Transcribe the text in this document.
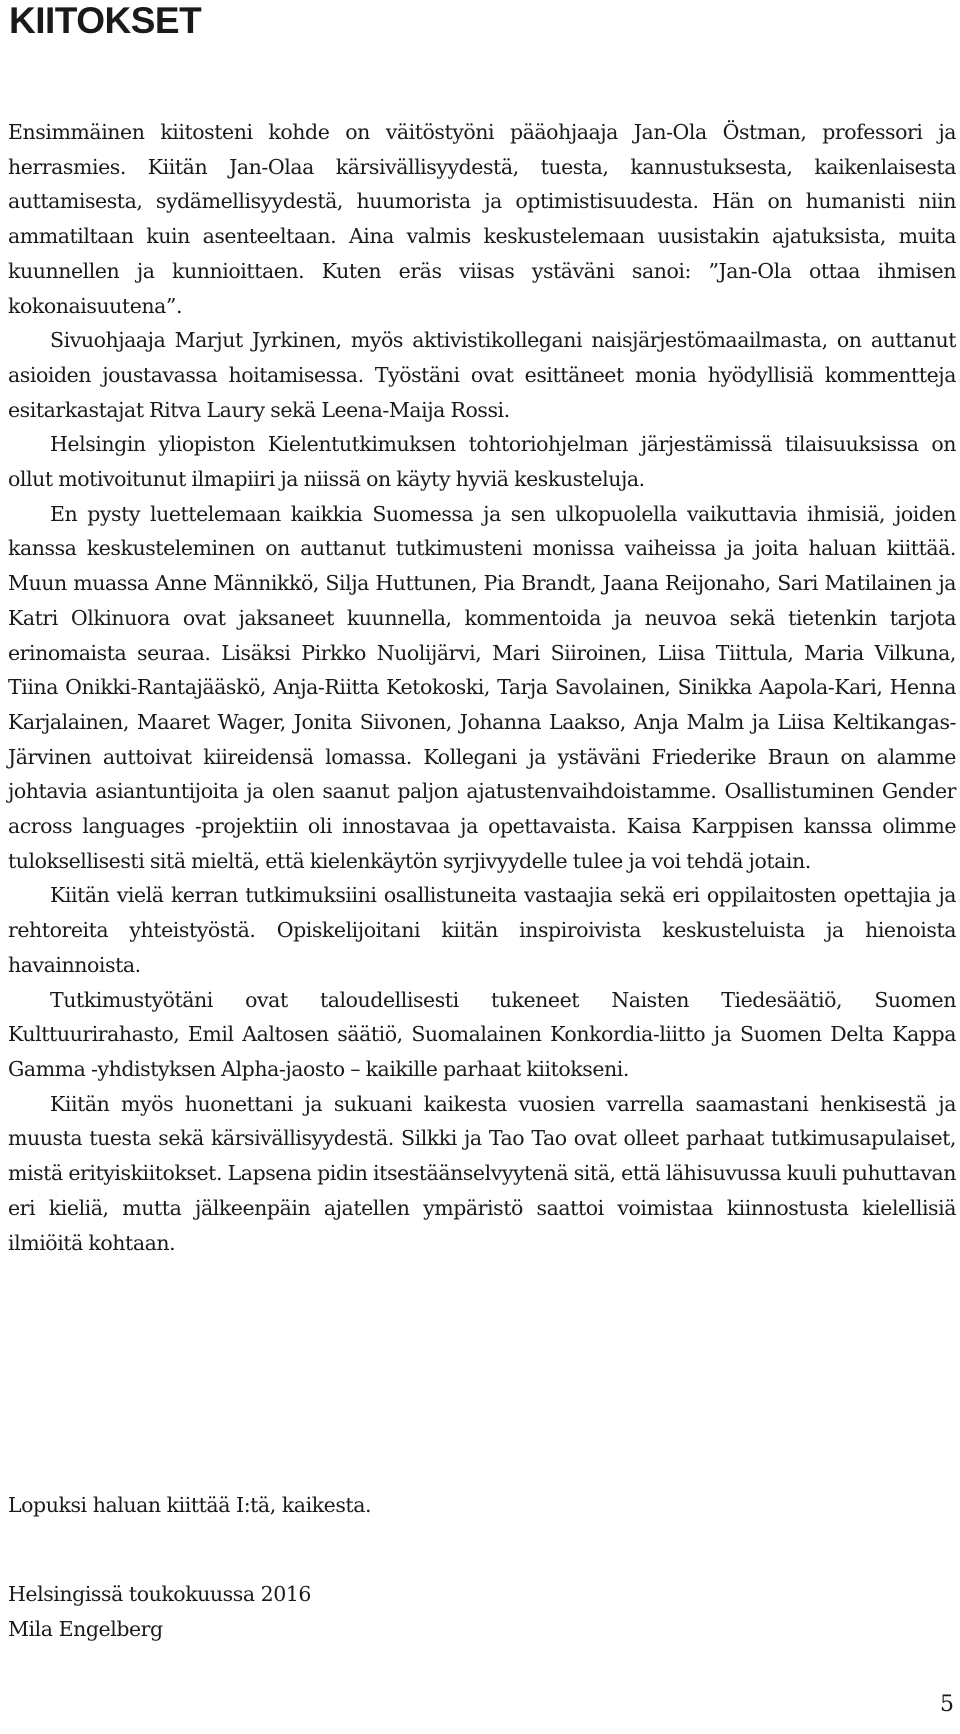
KIITOKSET

Ensimmäinen kiitosteni kohde on väitöstyöni pääohjaaja Jan-Ola Östman, professori ja herrasmies. Kiitän Jan-Olaa kärsivällisyydestä, tuesta, kannustuksesta, kaikenlaisesta auttamisesta, sydämellisyydestä, huumorista ja optimistisuudesta. Hän on humanisti niin ammatiltaan kuin asenteeltaan. Aina valmis keskustelemaan uusistakin ajatuksista, muita kuunnellen ja kunnioittaen. Kuten eräs viisas ystäväni sanoi: ”Jan-Ola ottaa ihmisen kokonaisuutena”.

Sivuohjaaja Marjut Jyrkinen, myös aktivistikollegani naisjärjestömaailmasta, on auttanut asioiden joustavassa hoitamisessa. Työstäni ovat esittäneet monia hyödyllisiä kommentteja esitarkastajat Ritva Laury sekä Leena-Maija Rossi.

Helsingin yliopiston Kielentutkimuksen tohtoriohjelman järjestämissä tilaisuuksissa on ollut motivoitunut ilmapiiri ja niissä on käyty hyviä keskusteluja.

En pysty luettelemaan kaikkia Suomessa ja sen ulkopuolella vaikuttavia ihmisiä, joiden kanssa keskusteleminen on auttanut tutkimusteni monissa vaiheissa ja joita haluan kiittää. Muun muassa Anne Männikkö, Silja Huttunen, Pia Brandt, Jaana Reijonaho, Sari Matilainen ja Katri Olkinuora ovat jaksaneet kuunnella, kommentoida ja neuvoa sekä tietenkin tarjota erinomaista seuraa. Lisäksi Pirkko Nuolijärvi, Mari Siiroinen, Liisa Tiittula, Maria Vilkuna, Tiina Onikki-Rantajääskö, Anja-Riitta Ketokoski, Tarja Savolainen, Sinikka Aapola-Kari, Henna Karjalainen, Maaret Wager, Jonita Siivonen, Johanna Laakso, Anja Malm ja Liisa Keltikangas-Järvinen auttoivat kiireidensä lomassa. Kollegani ja ystäväni Friederike Braun on alamme johtavia asiantuntijoita ja olen saanut paljon ajatustenvaihdoistamme. Osallistuminen Gender across languages -projektiin oli innostavaa ja opettavaista. Kaisa Karppisen kanssa olimme tuloksellisesti sitä mieltä, että kielenkäytön syrjivyydelle tulee ja voi tehdä jotain.

Kiitän vielä kerran tutkimuksiini osallistuneita vastaajia sekä eri oppilaitosten opettajia ja rehtoreita yhteistyöstä. Opiskelijoitani kiitän inspiroivista keskusteluista ja hienoista havainnoista.

Tutkimustyötäni ovat taloudellisesti tukeneet Naisten Tiedesäätiö, Suomen Kulttuurirahasto, Emil Aaltosen säätiö, Suomalainen Konkordia-liitto ja Suomen Delta Kappa Gamma -yhdistyksen Alpha-jaosto – kaikille parhaat kiitokseni.

Kiitän myös huonettani ja sukuani kaikesta vuosien varrella saamastani henkisestä ja muusta tuesta sekä kärsivällisyydestä. Silkki ja Tao Tao ovat olleet parhaat tutkimusapulaiset, mistä erityiskiitokset. Lapsena pidin itsestäänselvyytenä sitä, että lähisuvussa kuuli puhuttavan eri kieliä, mutta jälkeenpäin ajatellen ympäristö saattoi voimistaa kiinnostusta kielellisiä ilmiöitä kohtaan.

Lopuksi haluan kiittää I:tä, kaikesta.

Helsingissä toukokuussa 2016

Mila Engelberg

5
